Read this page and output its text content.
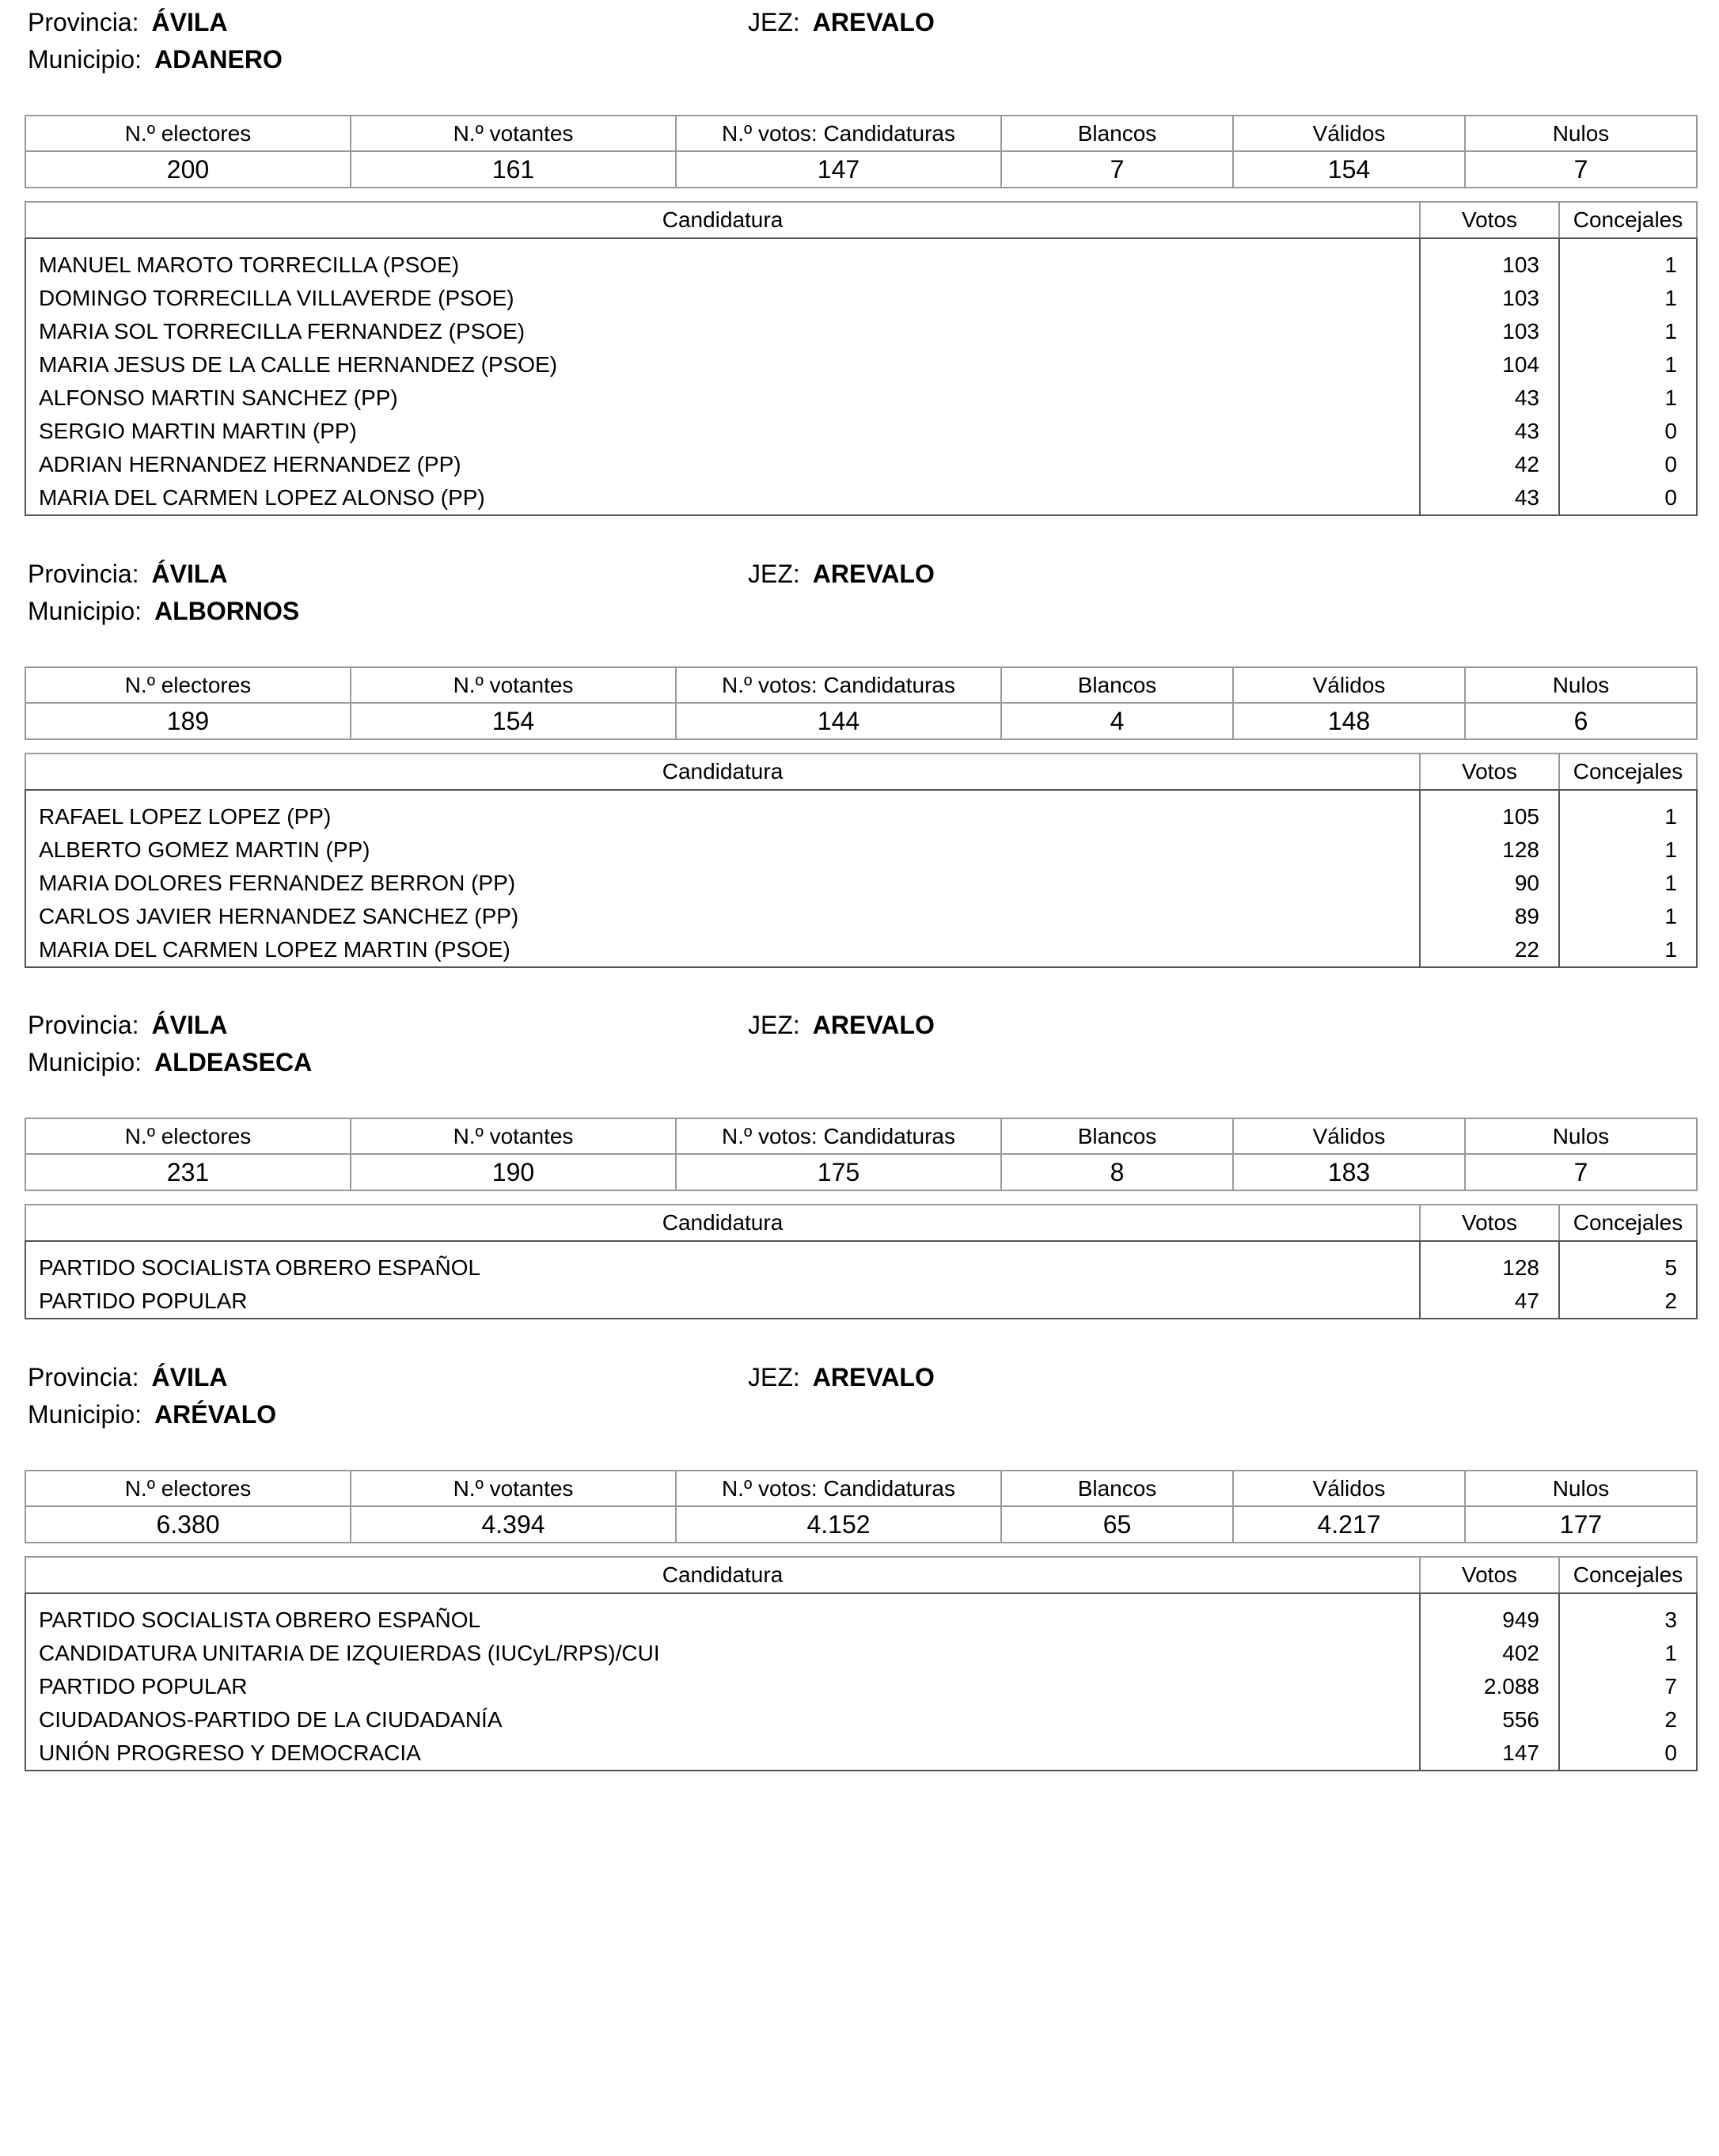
Provincia: ÁVILA
Municipio: ADANERO
JEZ: AREVALO
N.º electores	N.º votantes	N.º votos: Candidaturas	Blancos	Válidos	Nulos
200	161	147	7	154	7
Candidatura	Votos	Concejales
MANUEL MAROTO TORRECILLA (PSOE)	103	1
DOMINGO TORRECILLA VILLAVERDE (PSOE)	103	1
MARIA SOL TORRECILLA FERNANDEZ (PSOE)	103	1
MARIA JESUS DE LA CALLE HERNANDEZ (PSOE)	104	1
ALFONSO MARTIN SANCHEZ (PP)	43	1
SERGIO MARTIN MARTIN (PP)	43	0
ADRIAN HERNANDEZ HERNANDEZ (PP)	42	0
MARIA DEL CARMEN LOPEZ ALONSO (PP)	43	0
Provincia: ÁVILA
Municipio: ALBORNOS
JEZ: AREVALO
N.º electores	N.º votantes	N.º votos: Candidaturas	Blancos	Válidos	Nulos
189	154	144	4	148	6
Candidatura	Votos	Concejales
RAFAEL LOPEZ LOPEZ (PP)	105	1
ALBERTO GOMEZ MARTIN (PP)	128	1
MARIA DOLORES FERNANDEZ BERRON (PP)	90	1
CARLOS JAVIER HERNANDEZ SANCHEZ (PP)	89	1
MARIA DEL CARMEN LOPEZ MARTIN (PSOE)	22	1
Provincia: ÁVILA
Municipio: ALDEASECA
JEZ: AREVALO
N.º electores	N.º votantes	N.º votos: Candidaturas	Blancos	Válidos	Nulos
231	190	175	8	183	7
Candidatura	Votos	Concejales
PARTIDO SOCIALISTA OBRERO ESPAÑOL	128	5
PARTIDO POPULAR	47	2
Provincia: ÁVILA
Municipio: ARÉVALO
JEZ: AREVALO
N.º electores	N.º votantes	N.º votos: Candidaturas	Blancos	Válidos	Nulos
6.380	4.394	4.152	65	4.217	177
Candidatura	Votos	Concejales
PARTIDO SOCIALISTA OBRERO ESPAÑOL	949	3
CANDIDATURA UNITARIA DE IZQUIERDAS (IUCyL/RPS)/CUI	402	1
PARTIDO POPULAR	2.088	7
CIUDADANOS-PARTIDO DE LA CIUDADANÍA	556	2
UNIÓN PROGRESO Y DEMOCRACIA	147	0
